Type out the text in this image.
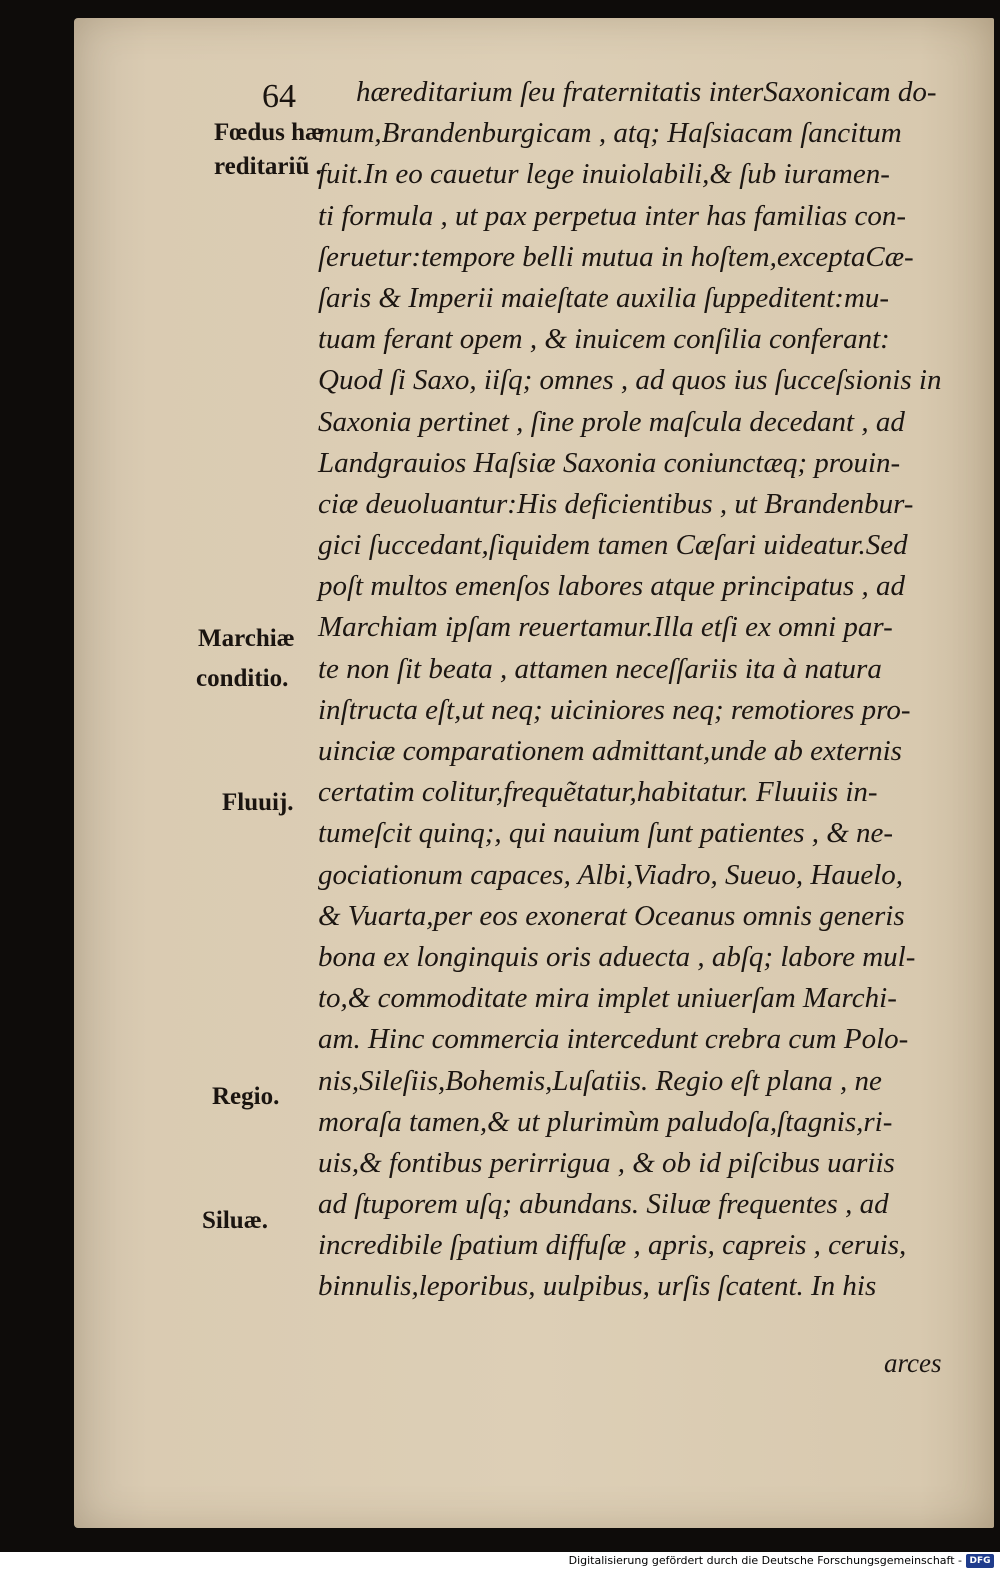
64
Fœdus hæ
reditariũ .
Marchiæ
conditio.
Fluuij.
Regio.
Siluæ.
hæreditarium ſeu fraternitatis interSaxonicam do-
mum,Brandenburgicam , atq; Haſsiacam ſancitum
fuit.In eo cauetur lege inuiolabili,& ſub iuramen-
ti formula , ut pax perpetua inter has familias con-
ſeruetur:tempore belli mutua in hoſtem,exceptaCæ-
ſaris & Imperii maieſtate auxilia ſuppeditent:mu-
tuam ferant opem , & inuicem conſilia conferant:
Quod ſi Saxo, iiſq; omnes , ad quos ius ſucceſsionis in
Saxonia pertinet , ſine prole maſcula decedant , ad
Landgrauios Haſsiæ Saxonia coniunctæq; prouin-
ciæ deuoluantur:His deficientibus , ut Brandenbur-
gici ſuccedant,ſiquidem tamen Cæſari uideatur.Sed
poſt multos emenſos labores atque principatus , ad
Marchiam ipſam reuertamur.Illa etſi ex omni par-
te non ſit beata , attamen neceſſariis ita à natura
inſtructa eſt,ut neq; uiciniores neq; remotiores pro-
uinciæ comparationem admittant,unde ab externis
certatim colitur,frequẽtatur,habitatur. Fluuiis in-
tumeſcit quinq;, qui nauium ſunt patientes , & ne-
gociationum capaces, Albi,Viadro, Sueuo, Hauelo,
& Vuarta,per eos exonerat Oceanus omnis generis
bona ex longinquis oris aduecta , abſq; labore mul-
to,& commoditate mira implet uniuerſam Marchi-
am. Hinc commercia intercedunt crebra cum Polo-
nis,Sileſiis,Bohemis,Luſatiis. Regio eſt plana , ne
moraſa tamen,& ut plurimùm paludoſa,ſtagnis,ri-
uis,& fontibus perirrigua , & ob id piſcibus uariis
ad ſtuporem uſq; abundans. Siluæ frequentes , ad
incredibile ſpatium diffuſæ , apris, capreis , ceruis,
binnulis,leporibus, uulpibus, urſis ſcatent. In his
arces
Digitalisierung gefördert durch die Deutsche Forschungsgemeinschaft - DFG
